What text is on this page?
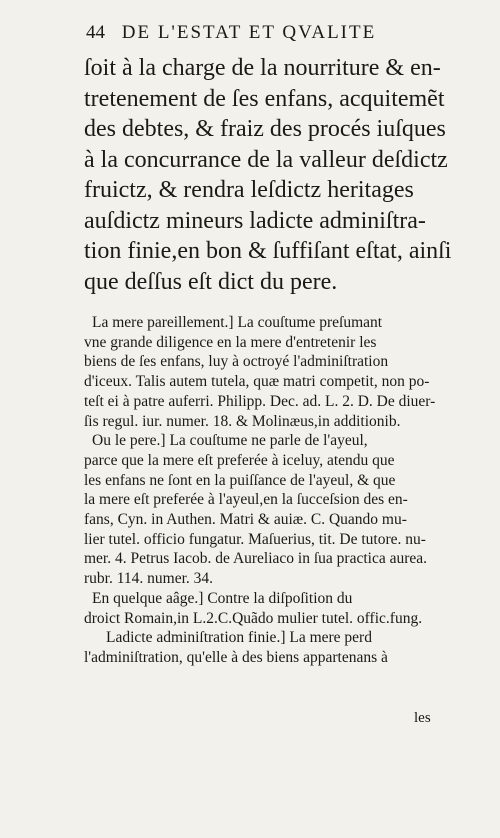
44 DE L'ESTAT ET QVALITE
ſoit à la charge de la nourriture & en-
tretenement de ſes enfans, acquitemẽt
des debtes, & fraiz des procés iuſques
à la concurrance de la valleur deſdictz
fruictz, & rendra leſdictz heritages
auſdictz mineurs ladicte adminiſtra-
tion finie,en bon & ſuffiſant eſtat, ainſi
que deſſus eſt dict du pere.
La mere pareillement.] La couſtume preſumant
vne grande diligence en la mere d'entretenir les
biens de ſes enfans, luy à octroyé l'adminiſtration
d'iceux. Talis autem tutela, quæ matri competit, non po-
teſt ei à patre auferri. Philipp. Dec. ad. L. 2. D. De diuer-
ſis regul. iur. numer. 18. & Molinæus,in additionib.
Ou le pere.] La couſtume ne parle de l'ayeul,
parce que la mere eſt preferée à iceluy, atendu que
les enfans ne ſont en la puiſſance de l'ayeul, & que
la mere eſt preferée à l'ayeul,en la ſucceſsion des en-
fans, Cyn. in Authen. Matri & auiæ. C. Quando mu-
lier tutel. officio fungatur. Maſuerius, tit. De tutore. nu-
mer. 4. Petrus Iacob. de Aureliaco in ſua practica aurea.
rubr. 114. numer. 34.
En quelque aâge.] Contre la diſpoſition du
droict Romain,in L.2.C.Quãdo mulier tutel. offic.fung.
Ladicte adminiſtration finie.] La mere perd
l'adminiſtration, qu'elle à des biens appartenans à
les
